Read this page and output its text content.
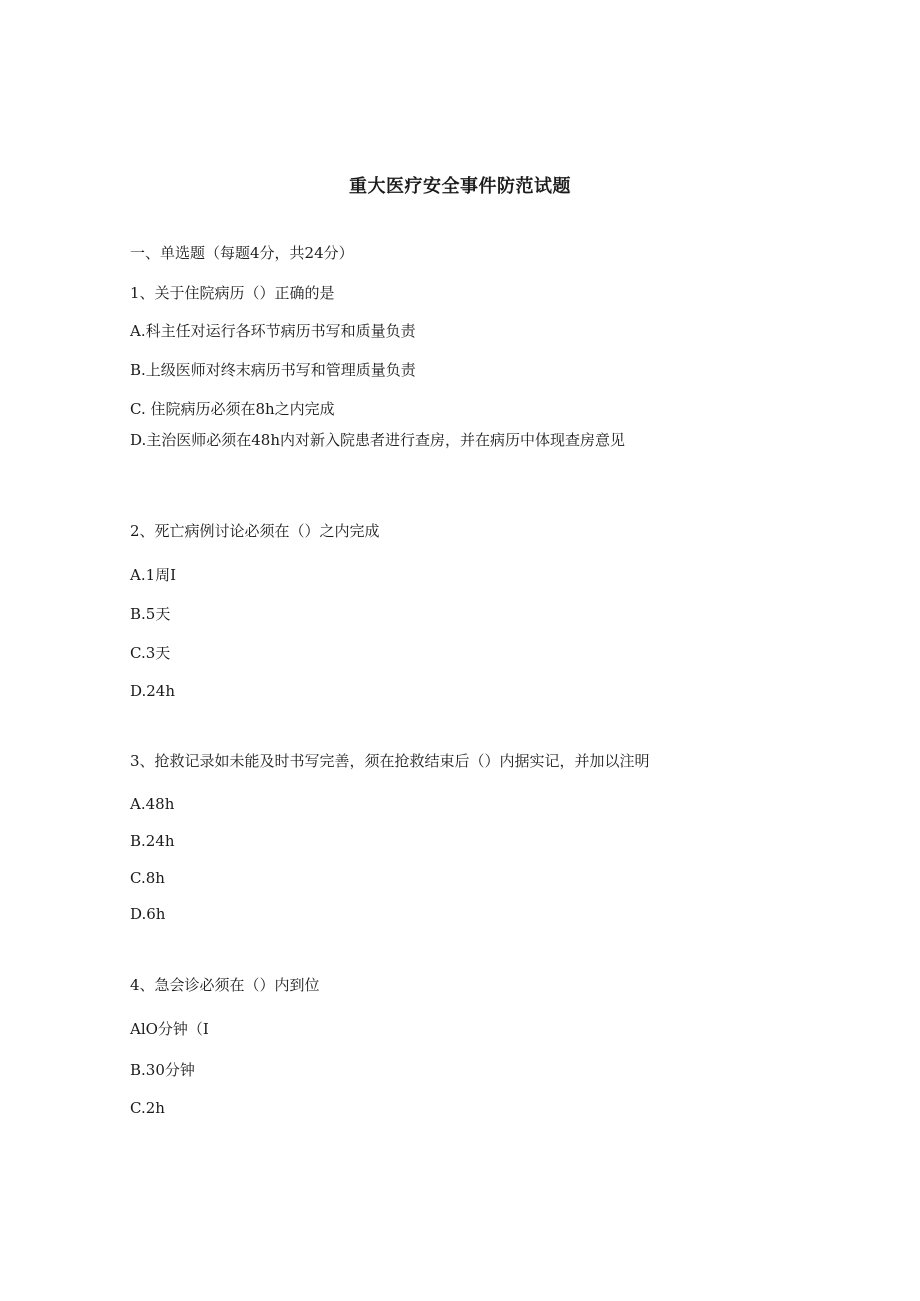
重大医疗安全事件防范试题
一、单选题（每题4分，共24分）
1、关于住院病历（）正确的是
A.科主任对运行各环节病历书写和质量负责
B.上级医师对终末病历书写和管理质量负责
C. 住院病历必须在8h之内完成
D.主治医师必须在48h内对新入院患者进行查房，并在病历中体现查房意见
2、死亡病例讨论必须在（）之内完成
A.1周I
B.5天
C.3天
D.24h
3、抢救记录如未能及时书写完善，须在抢救结束后（）内据实记，并加以注明
A.48h
B.24h
C.8h
D.6h
4、急会诊必须在（）内到位
AlO分钟（I
B.30分钟
C.2h
